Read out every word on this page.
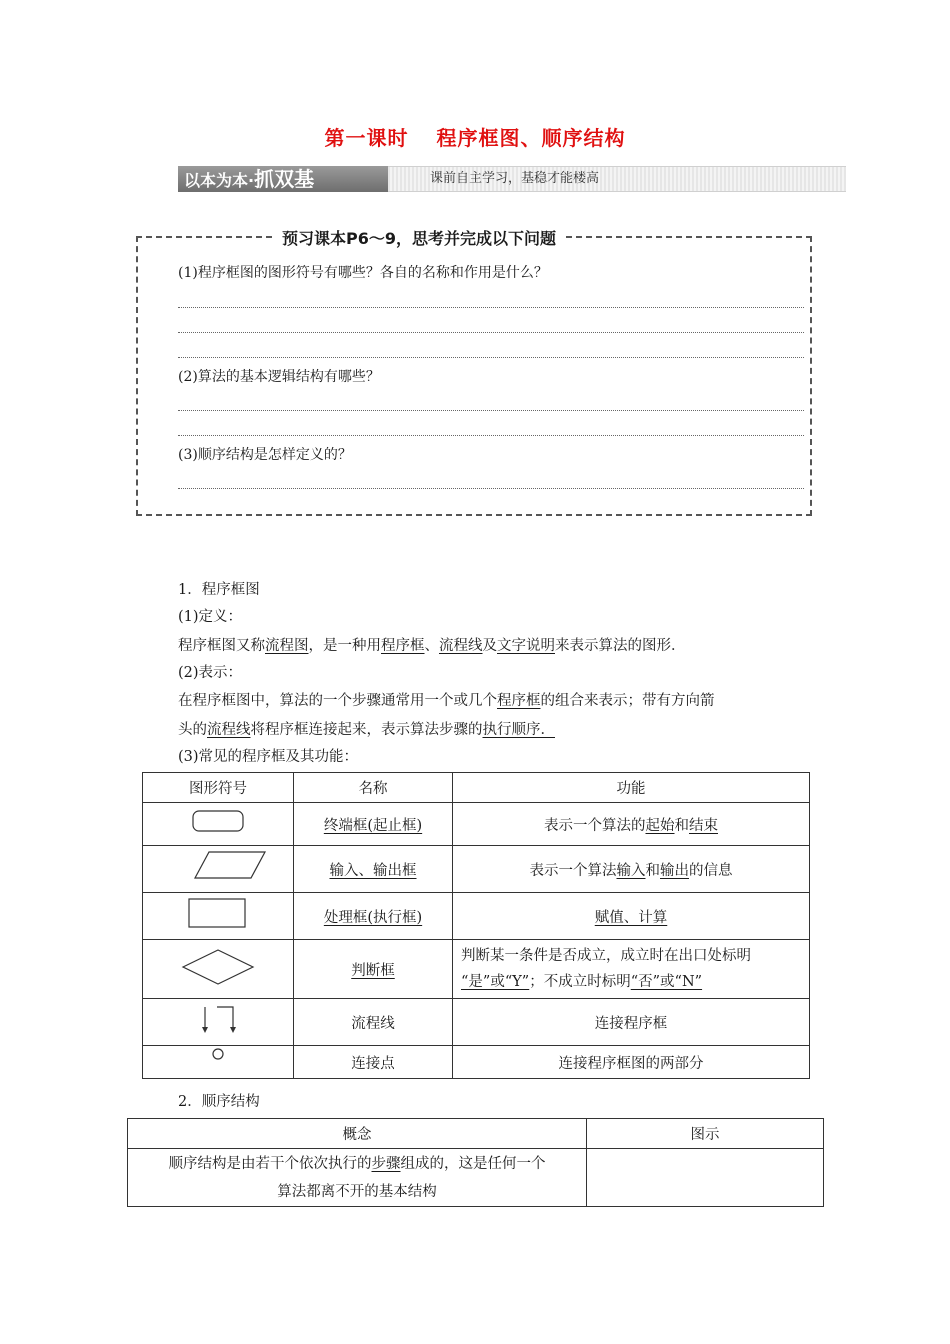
第一课时 程序框图、顺序结构
以本为本·抓双基	课前自主学习，基稳才能楼高
预习课本P6～9，思考并完成以下问题
(1)程序框图的图形符号有哪些？各自的名称和作用是什么？
(2)算法的基本逻辑结构有哪些？
(3)顺序结构是怎样定义的？
1．程序框图
(1)定义：
程序框图又称流程图，是一种用程序框、流程线及文字说明来表示算法的图形．
(2)表示：
在程序框图中，算法的一个步骤通常用一个或几个程序框的组合来表示；带有方向箭
头的流程线将程序框连接起来，表示算法步骤的执行顺序．
(3)常见的程序框及其功能：
图形符号	名称	功能
	终端框(起止框)	表示一个算法的起始和结束
	输入、输出框	表示一个算法输入和输出的信息
	处理框(执行框)	赋值、计算
	判断框	判断某一条件是否成立，成立时在出口处标明
“是”或“Y”；不成立时标明“否”或“N”

	流程线	连接程序框
	连接点	连接程序框图的两部分
2．顺序结构
概念	图示

顺序结构是由若干个依次执行的步骤组成的，这是任何一个
算法都离不开的基本结构	
